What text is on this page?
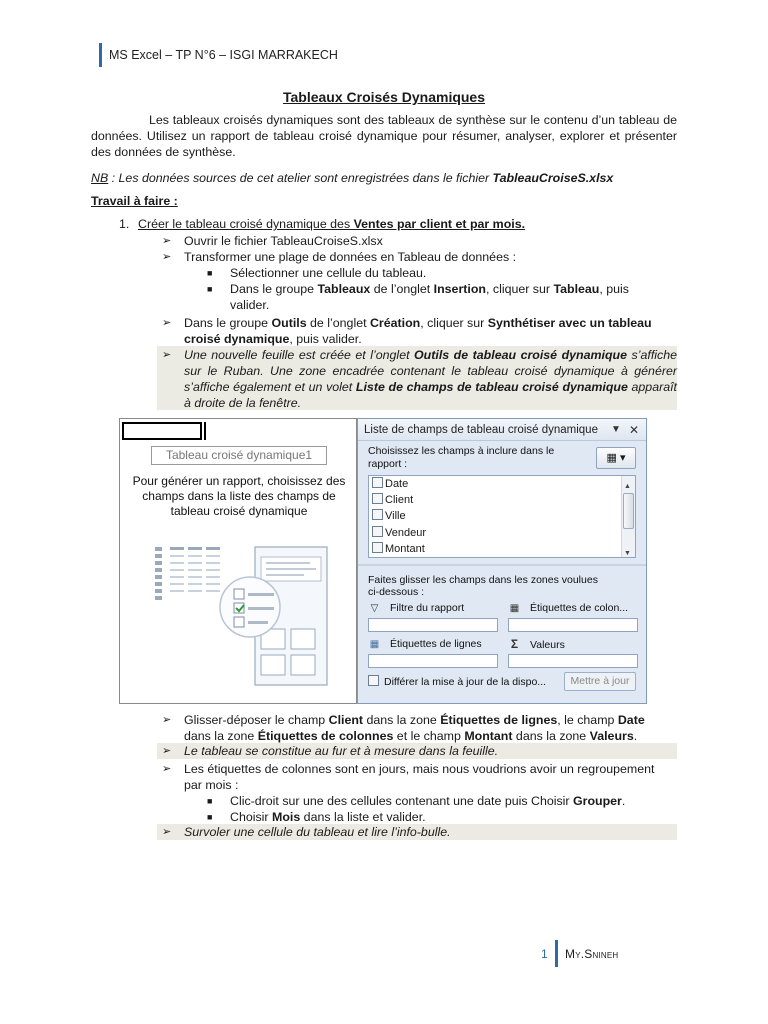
MS Excel – TP N°6 – ISGI MARRAKECH
Tableaux Croisés Dynamiques
Les tableaux croisés dynamiques sont des tableaux de synthèse sur le contenu d’un tableau de données. Utilisez un rapport de tableau croisé dynamique pour résumer, analyser, explorer et présenter des données de synthèse.
NB : Les données sources de cet atelier sont enregistrées dans le fichier TableauCroiseS.xlsx
Travail à faire :
1. Créer le tableau croisé dynamique des Ventes par client et par mois.
➢ Ouvrir le fichier TableauCroiseS.xlsx
➢ Transformer une plage de données en Tableau de données :
■ Sélectionner une cellule du tableau.
■ Dans le groupe Tableaux de l’onglet Insertion, cliquer sur Tableau, puis
valider.
➢ Dans le groupe Outils de l’onglet Création, cliquer sur Synthétiser avec un tableau
croisé dynamique, puis valider.
➢ Une nouvelle feuille est créée et l’onglet Outils de tableau croisé dynamique s’affiche sur le Ruban. Une zone encadrée contenant le tableau croisé dynamique à générer s’affiche également et un volet Liste de champs de tableau croisé dynamique apparaît à droite de la fenêtre.
Tableau croisé dynamique1
Pour générer un rapport, choisissez des champs dans la liste des champs de tableau croisé dynamique
Liste de champs de tableau croisé dynamique ▼ ✕
Choisissez les champs à inclure dans le rapport :	▦ ▾
Date
Client
Ville
Vendeur
Montant
▲
▼
Faites glisser les champs dans les zones voulues ci-dessous :
▽ Filtre du rapport	▦ Étiquettes de colon...
▦ Étiquettes de lignes Σ Valeurs
Différer la mise à jour de la dispo...	Mettre à jour
➢ Glisser-déposer le champ Client dans la zone Étiquettes de lignes, le champ Date
dans la zone Étiquettes de colonnes et le champ Montant dans la zone Valeurs.
➢ Le tableau se constitue au fur et à mesure dans la feuille.
➢ Les étiquettes de colonnes sont en jours, mais nous voudrions avoir un regroupement
par mois :
■ Clic-droit sur une des cellules contenant une date puis Choisir Grouper.
■ Choisir Mois dans la liste et valider.
➢ Survoler une cellule du tableau et lire l’info-bulle.
1 My.Snineh
